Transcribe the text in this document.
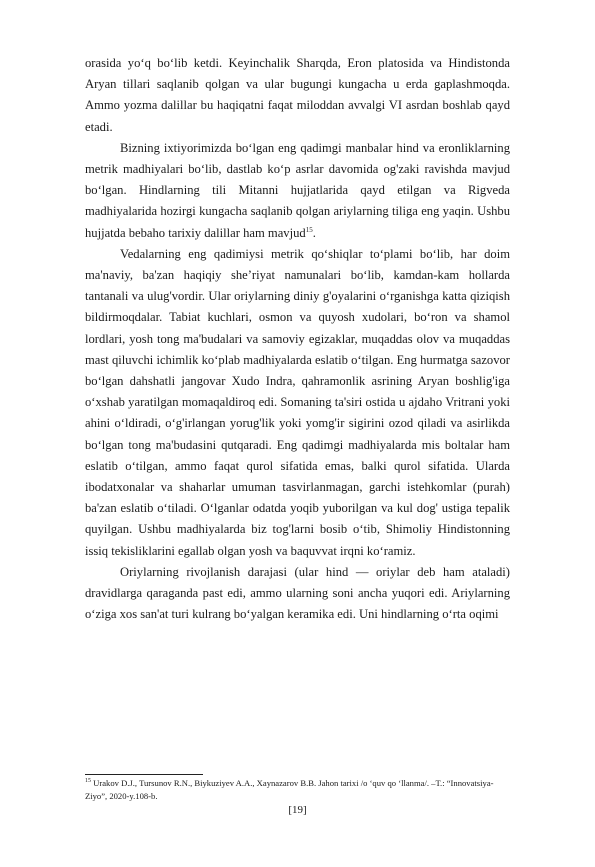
orasida yo‘q bo‘lib ketdi. Keyinchalik Sharqda, Eron platosida va Hindistonda Aryan tillari saqlanib qolgan va ular bugungi kungacha u erda gaplashmoqda. Ammo yozma dalillar bu haqiqatni faqat miloddan avvalgi VI asrdan boshlab qayd etadi.

Bizning ixtiyorimizda bo‘lgan eng qadimgi manbalar hind va eronliklarning metrik madhiyalari bo‘lib, dastlab ko‘p asrlar davomida og'zaki ravishda mavjud bo‘lgan. Hindlarning tili Mitanni hujjatlarida qayd etilgan va Rigveda madhiyalarida hozirgi kungacha saqlanib qolgan ariylarning tiliga eng yaqin. Ushbu hujjatda bebaho tarixiy dalillar ham mavjud$^{15}$.

Vedalarning eng qadimiysi metrik qo‘shiqlar to‘plami bo‘lib, har doim ma'naviy, ba'zan haqiqiy she’riyat namunalari bo‘lib, kamdan-kam hollarda tantanali va ulug'vordir. Ular oriylarning diniy g'oyalarini o‘rganishga katta qiziqish bildirmoqdalar. Tabiat kuchlari, osmon va quyosh xudolari, bo‘ron va shamol lordlari, yosh tong ma'budalari va samoviy egizaklar, muqaddas olov va muqaddas mast qiluvchi ichimlik ko‘plab madhiyalarda eslatib o‘tilgan. Eng hurmatga sazovor bo‘lgan dahshatli jangovar Xudo Indra, qahramonlik asrining Aryan boshlig'iga o‘xshab yaratilgan momaqaldiroq edi. Somaning ta'siri ostida u ajdaho Vritrani yoki ahini o‘ldiradi, o‘g'irlangan yorug'lik yoki yomg'ir sigirini ozod qiladi va asirlikda bo‘lgan tong ma'budasini qutqaradi. Eng qadimgi madhiyalarda mis boltalar ham eslatib o‘tilgan, ammo faqat qurol sifatida emas, balki qurol sifatida. Ularda ibodatxonalar va shaharlar umuman tasvirlanmagan, garchi istehkomlar (purah) ba'zan eslatib o‘tiladi. O‘lganlar odatda yoqib yuborilgan va kul dog' ustiga tepalik quyilgan. Ushbu madhiyalarda biz tog'larni bosib o‘tib, Shimoliy Hindistonning issiq tekisliklarini egallab olgan yosh va baquvvat irqni ko‘ramiz.

Oriylarning rivojlanish darajasi (ular hind — oriylar deb ham ataladi) dravidlarga qaraganda past edi, ammo ularning soni ancha yuqori edi. Ariylarning o‘ziga xos san'at turi kulrang bo‘yalgan keramika edi. Uni hindlarning o‘rta oqimi

$^{15}$ Urakov D.J., Tursunov R.N., Biykuziyev A.A., Xaynazarov B.B. Jahon tarixi /o ‘quv qo ‘llanma/. –T.: “Innovatsiya-Ziyo”, 2020-y.108-b.
[19]
